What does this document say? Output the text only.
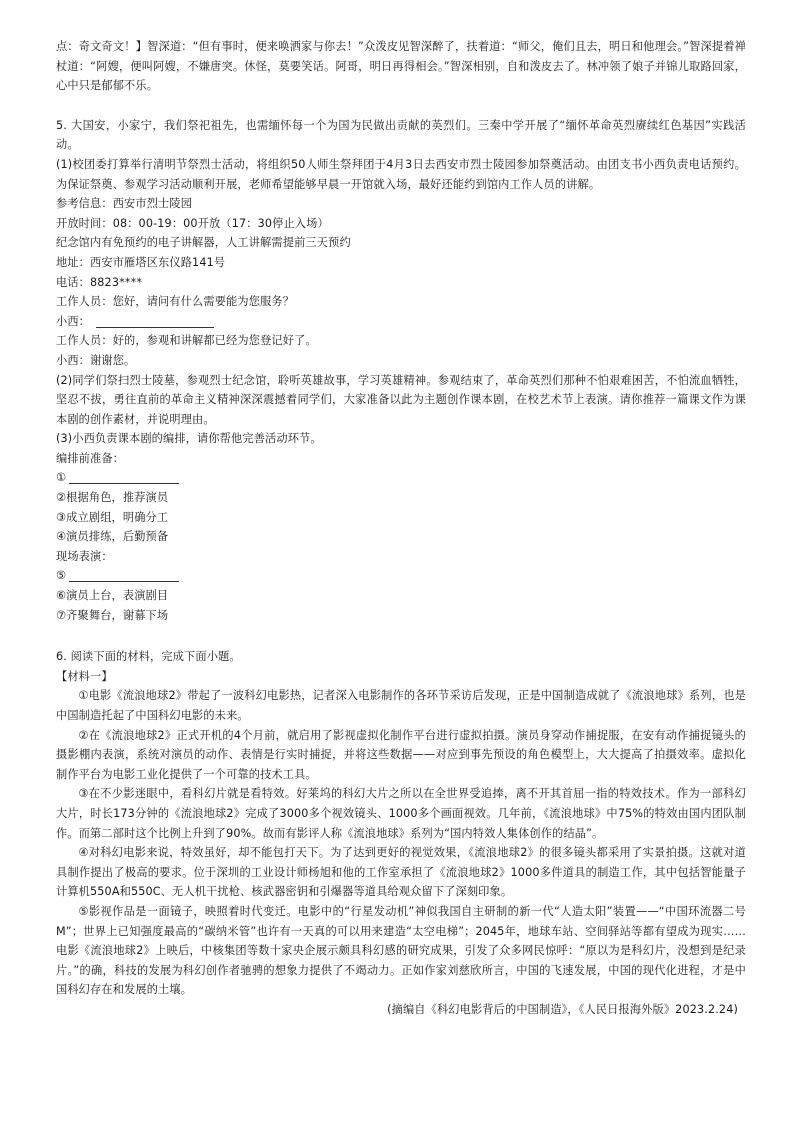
点：奇文奇文！】智深道：“但有事时，便来唤洒家与你去！”众泼皮见智深醉了，扶着道：“师父，俺们且去，明日和他理会。”智深提着禅杖道：“阿嫂，便叫阿嫂，不嫌唐突。休怪，莫要笑话。阿哥，明日再得相会。”智深相别，自和泼皮去了。林冲领了娘子并锦儿取路回家，心中只是郁郁不乐。

5. 大国安，小家宁，我们祭祀祖先，也需缅怀每一个为国为民做出贡献的英烈们。三秦中学开展了“缅怀革命英烈赓续红色基因”实践活动。

(1)校团委打算举行清明节祭烈士活动，将组织50人师生祭拜团于4月3日去西安市烈士陵园参加祭奠活动。由团支书小西负责电话预约。为保证祭奠、参观学习活动顺利开展，老师希望能够早晨一开馆就入场，最好还能约到馆内工作人员的讲解。

参考信息：西安市烈士陵园

开放时间：08：00-19：00开放（17：30停止入场）

纪念馆内有免预约的电子讲解器，人工讲解需提前三天预约

地址：西安市雁塔区东仪路141号

电话：8823****

工作人员：您好，请问有什么需要能为您服务？

小西：

工作人员：好的，参观和讲解都已经为您登记好了。

小西：谢谢您。

(2)同学们祭扫烈士陵墓，参观烈士纪念馆，聆听英雄故事，学习英雄精神。参观结束了，革命英烈们那种不怕艰难困苦，不怕流血牺牲，坚忍不拔，勇往直前的革命主义精神深深震撼着同学们，大家准备以此为主题创作课本剧，在校艺术节上表演。请你推荐一篇课文作为课本剧的创作素材，并说明理由。

(3)小西负责课本剧的编排，请你帮他完善活动环节。

编排前准备：

①

②根据角色，推荐演员

③成立剧组，明确分工

④演员排练，后勤预备

现场表演：

⑤

⑥演员上台，表演剧目

⑦齐聚舞台，谢幕下场

6. 阅读下面的材料，完成下面小题。

【材料一】

①电影《流浪地球2》带起了一波科幻电影热，记者深入电影制作的各环节采访后发现，正是中国制造成就了《流浪地球》系列，也是中国制造托起了中国科幻电影的未来。

②在《流浪地球2》正式开机的4个月前，就启用了影视虚拟化制作平台进行虚拟拍摄。演员身穿动作捕捉服，在安有动作捕捉镜头的摄影棚内表演，系统对演员的动作、表情是行实时捕捉，并将这些数据——对应到事先预设的角色模型上，大大提高了拍摄效率。虚拟化制作平台为电影工业化提供了一个可靠的技术工具。

③在不少影迷眼中，看科幻片就是看特效。好莱坞的科幻大片之所以在全世界受追捧，离不开其首屈一指的特效技术。作为一部科幻大片，时长173分钟的《流浪地球2》完成了3000多个视效镜头、1000多个画面视效。几年前，《流浪地球》中75%的特效由国内团队制作。而第二部时这个比例上升到了90%。故而有影评人称《流浪地球》系列为“国内特效人集体创作的结晶”。

④对科幻电影来说，特效虽好，却不能包打天下。为了达到更好的视觉效果，《流浪地球2》的很多镜头都采用了实景拍摄。这就对道具制作提出了极高的要求。位于深圳的工业设计师杨旭和他的工作室承担了《流浪地球2》1000多件道具的制造工作，其中包括智能量子计算机550A和550C、无人机干扰枪、核武器密钥和引爆器等道具给观众留下了深刻印象。

⑤影视作品是一面镜子，映照着时代变迁。电影中的“行星发动机”神似我国自主研制的新一代“人造太阳”装置——“中国环流器二号M”；世界上已知强度最高的“碳纳米管”也许有一天真的可以用来建造“太空电梯”；2045年，地球车站、空间驿站等都有望成为现实……电影《流浪地球2》上映后，中核集团等数十家央企展示颇具科幻感的研究成果，引发了众多网民惊呼：“原以为是科幻片，没想到是纪录片。”的确，科技的发展为科幻创作者驰骋的想象力提供了不竭动力。正如作家刘慈欣所言，中国的飞速发展，中国的现代化进程，才是中国科幻存在和发展的土壤。

(摘编自《科幻电影背后的中国制造》，《人民日报海外版》2023.2.24)
